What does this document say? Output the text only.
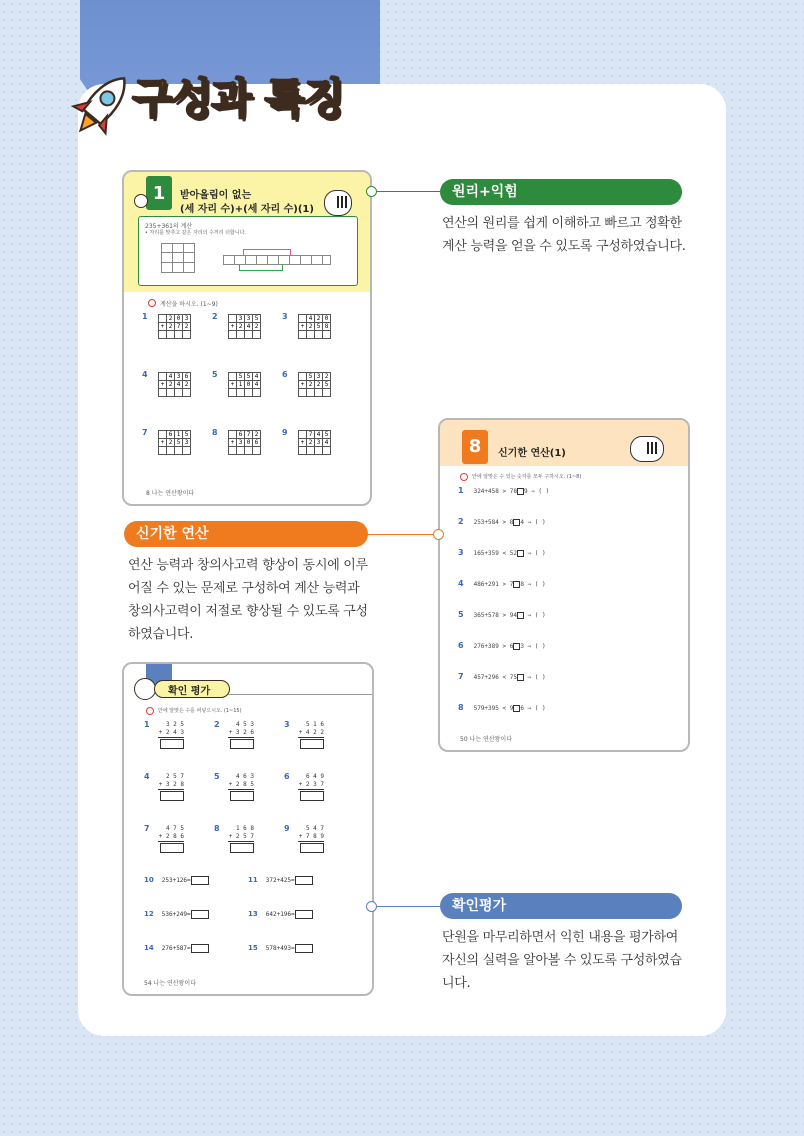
구성과 특징
1	받아올림이 없는
(세 자리 수)+(세 자리 수)(1)
235+361의 계산
• 자리를 맞추고 같은 자리의 수끼리 더합니다.
계산을 하시오. (1~9)
8 나는 연산왕이다
1	2 0 3
+ 2 7 2
2	3 3 5
+ 2 4 2
3	4 2 0
+ 2 5 8
4	4 3 6
+ 2 4 2
5	5 5 4
+ 1 0 4
6	5 3 2
+ 2 2 5
7	6 1 5
+ 2 5 3
8	6 7 2
+ 3 0 6
9	7 4 5
+ 2 3 4
원리+익힘
연산의 원리를 쉽게 이해하고 빠르고 정확한
계산 능력을 얻을 수 있도록 구성하였습니다.
8	신기한 연산(1)
안에 알맞은 수 있는 숫자를 모두 구하시오. (1~8)
50 나는 연산왕이다
1 324+458 > 78 9 ⇒ ( )
2 253+584 > 8 4 ⇒ ( )
3 165+359 < 52 ⇒ ( )
4 486+291 > 7 8 ⇒ ( )
5 365+578 > 94 ⇒ ( )
6 276+389 > 6 3 ⇒ ( )
7 457+296 < 75 ⇒ ( )
8 579+395 < 9 6 ⇒ ( )
신기한 연산
연산 능력과 창의사고력 향상이 동시에 이루
어질 수 있는 문제로 구성하여 계산 능력과
창의사고력이 저절로 향상될 수 있도록 구성
하였습니다.
확인 평가
안에 알맞은 수를 써넣으시오. (1~15)
54 나는 연산왕이다
1	3 2 5
+ 2 4 3
2	4 5 3
+ 3 2 6
3	5 1 6
+ 4 2 2
4	2 5 7
+ 3 2 8
5	4 6 3
+ 2 8 5
6	6 4 9
+ 2 3 7
7	4 7 5
+ 2 8 6
8	1 6 8
+ 2 5 7
9	5 4 7
+ 7 8 9
10 253+126=	11 372+425=
12 536+249=	13 642+196=
14 276+587=	15 578+493=
확인평가
단원을 마무리하면서 익힌 내용을 평가하여
자신의 실력을 알아볼 수 있도록 구성하였습
니다.
